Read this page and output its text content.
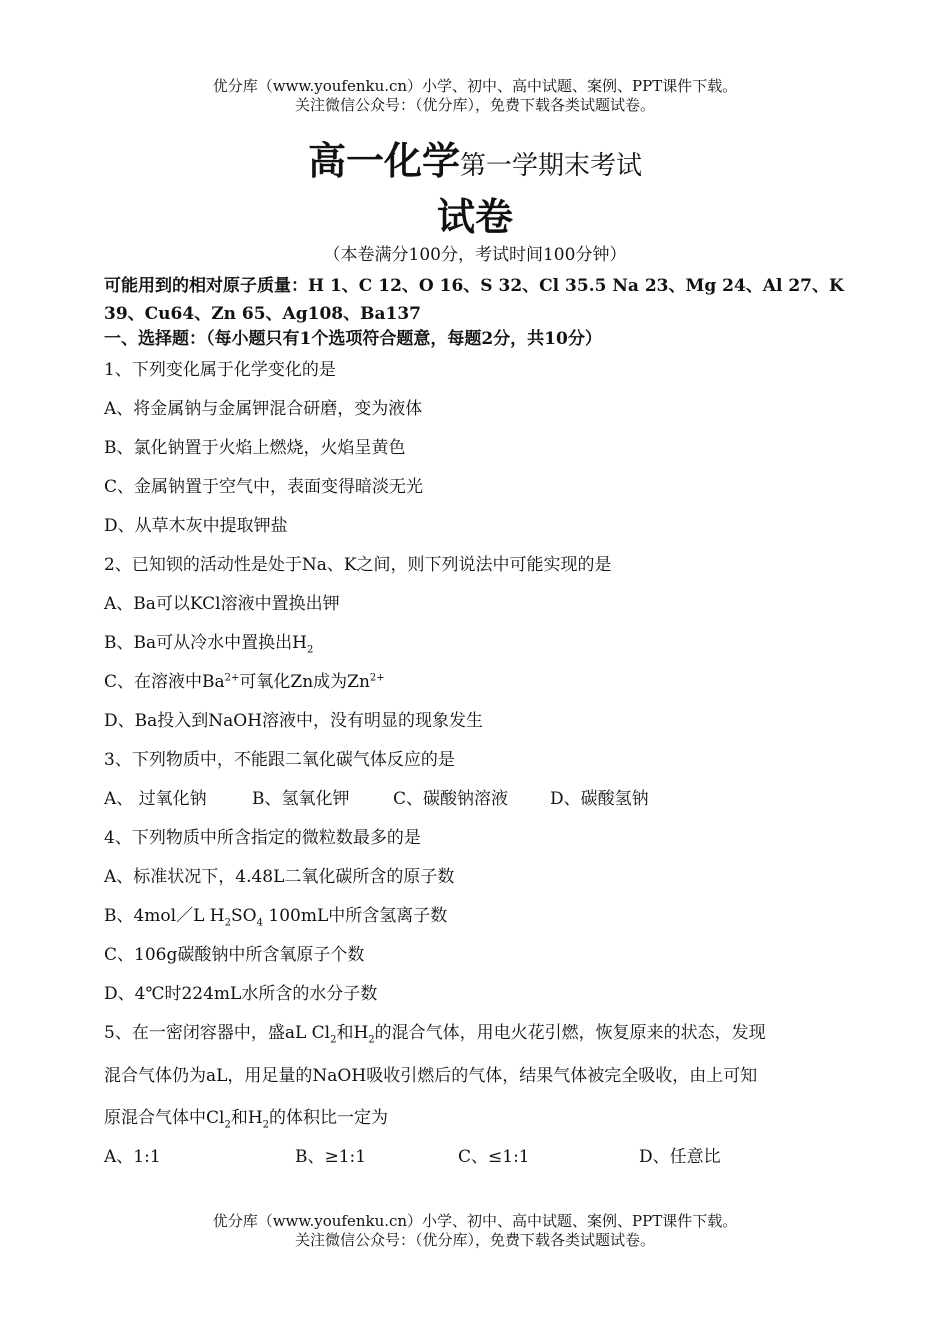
优分库（www.youfenku.cn）小学、初中、高中试题、案例、PPT课件下载。
关注微信公众号：（优分库），免费下载各类试题试卷。
高一化学第一学期末考试
试卷
（本卷满分100分，考试时间100分钟）
可能用到的相对原子质量：H 1、C 12、O 16、S 32、Cl 35.5 Na 23、Mg 24、Al 27、K
39、Cu64、Zn 65、Ag108、Ba137
一、选择题：（每小题只有1个选项符合题意，每题2分，共10分）
1、下列变化属于化学变化的是
A、将金属钠与金属钾混合研磨，变为液体
B、氯化钠置于火焰上燃烧，火焰呈黄色
C、金属钠置于空气中，表面变得暗淡无光
D、从草木灰中提取钾盐
2、已知钡的活动性是处于Na、K之间，则下列说法中可能实现的是
A、Ba可以KCl溶液中置换出钾
B、Ba可从冷水中置换出$H_2$
C、在溶液中$Ba^{2+}$可氧化Zn成为$Zn^{2+}$
D、Ba投入到NaOH溶液中，没有明显的现象发生
3、下列物质中，不能跟二氧化碳气体反应的是
A、 过氧化钠	B、氢氧化钾	C、碳酸钠溶液 D、碳酸氢钠
4、下列物质中所含指定的微粒数最多的是
A、标准状况下，4.48L二氧化碳所含的原子数
B、4mol／L $H_2SO_4$ 100mL中所含氢离子数
C、106g碳酸钠中所含氧原子个数
D、4℃时224mL水所含的水分子数
5、在一密闭容器中，盛aL $Cl_2$和$H_2$的混合气体，用电火花引燃，恢复原来的状态，发现
混合气体仍为aL，用足量的NaOH吸收引燃后的气体，结果气体被完全吸收，由上可知
原混合气体中$Cl_2$和$H_2$的体积比一定为
A、1:1	B、≥1:1	C、≤1:1	D、任意比
优分库（www.youfenku.cn）小学、初中、高中试题、案例、PPT课件下载。
关注微信公众号：（优分库），免费下载各类试题试卷。
